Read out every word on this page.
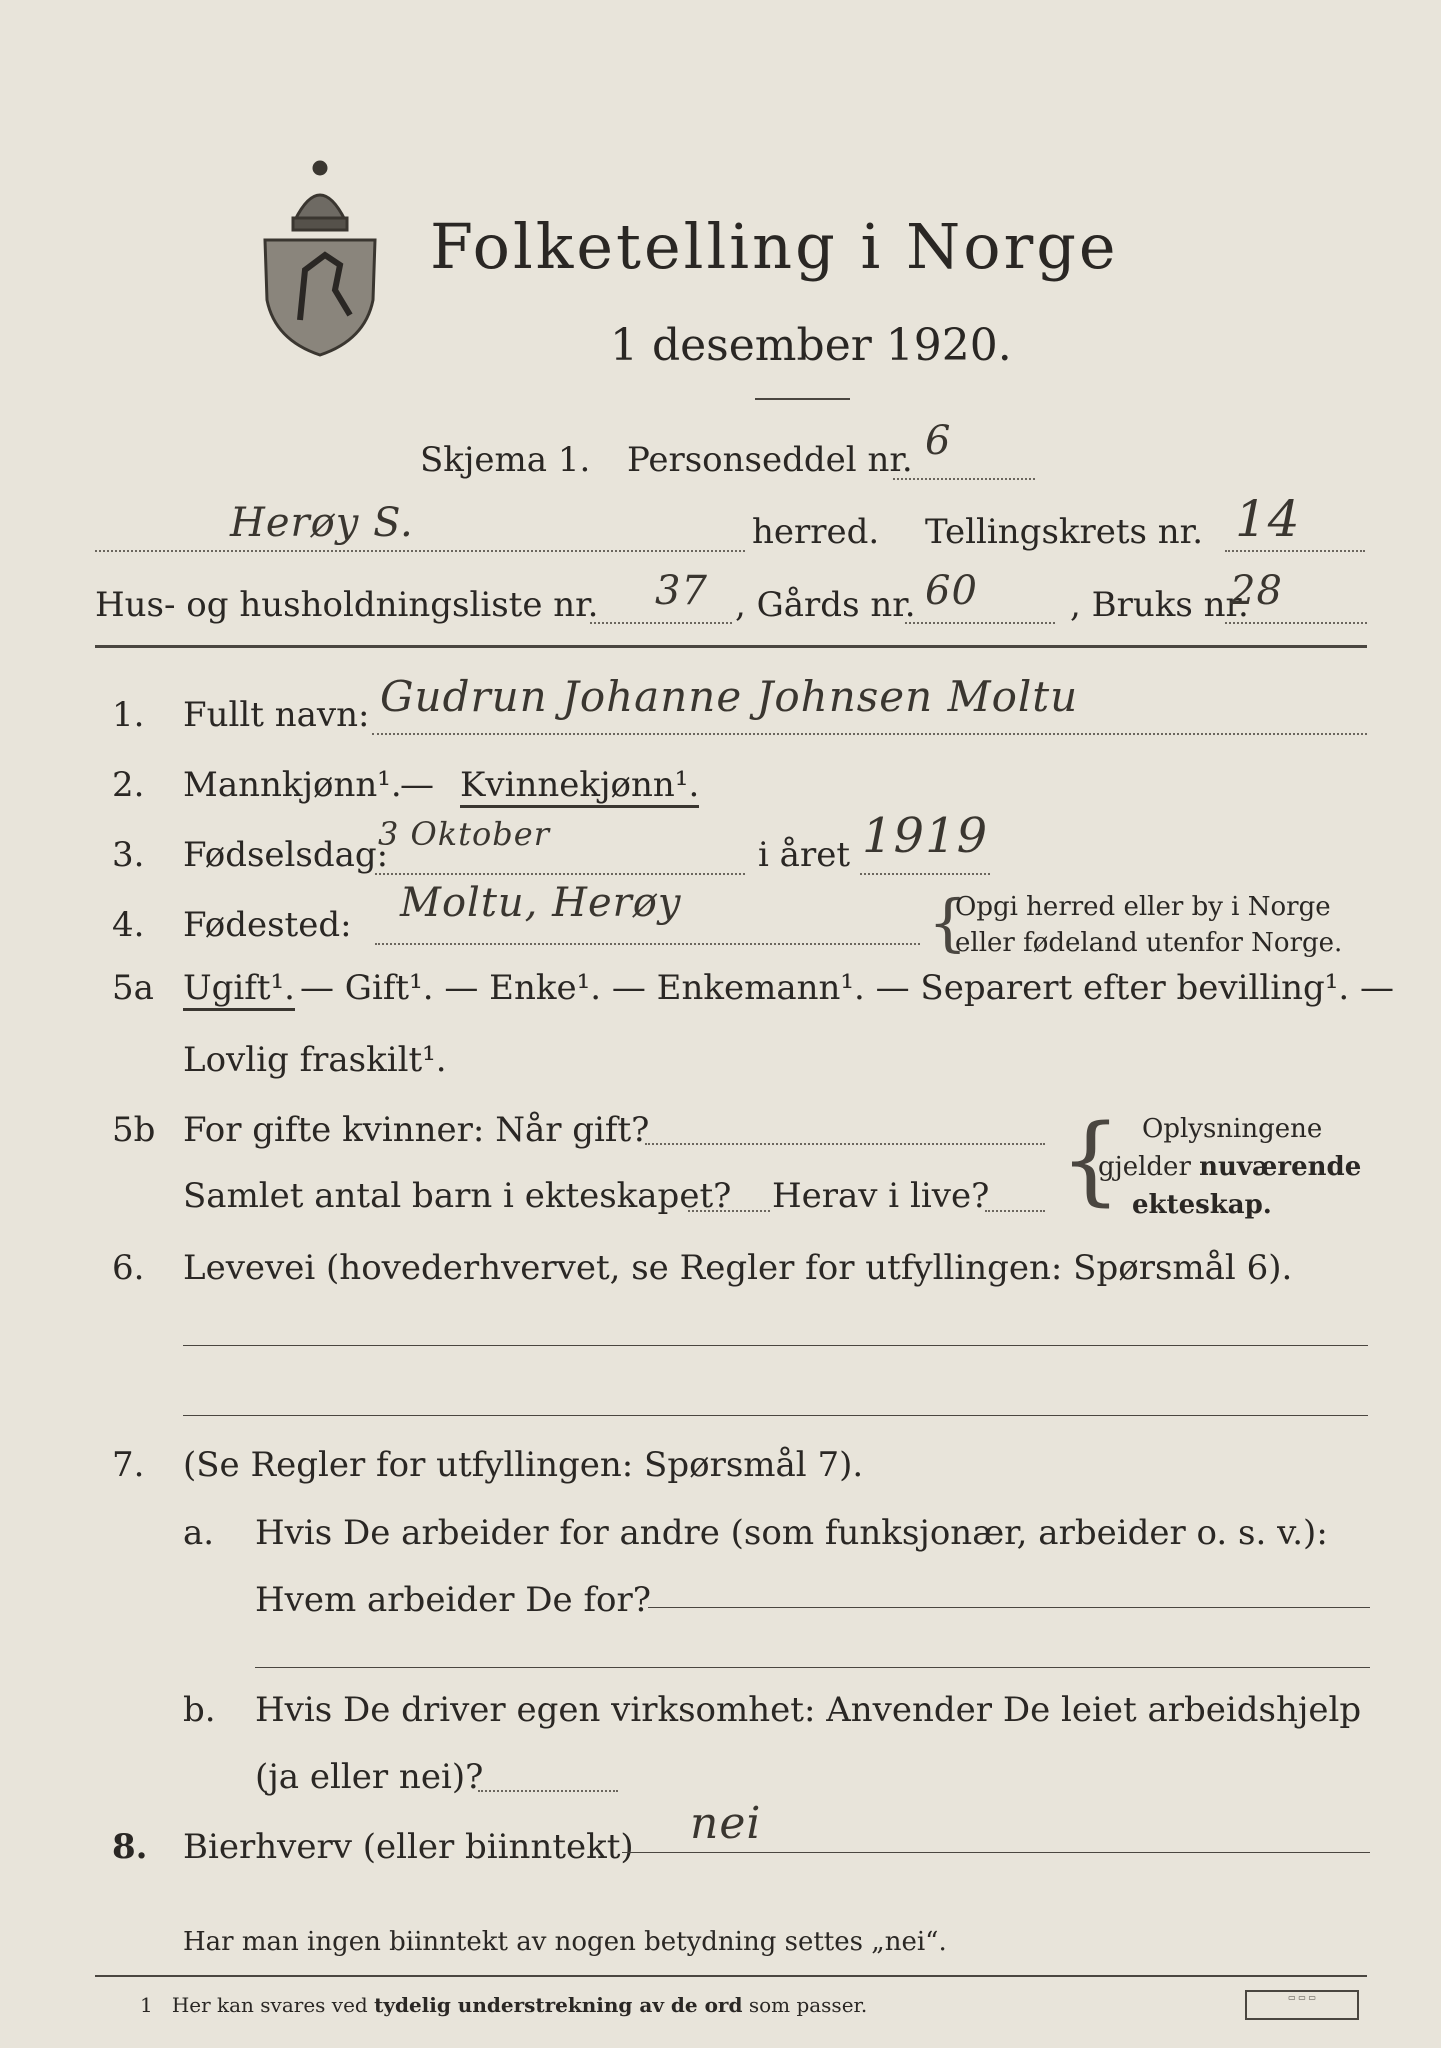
Folketelling i Norge
1 desember 1920.
Skjema 1. Personseddel nr. 6
Herøy S.	herred. Tellingskrets nr. 14
Hus- og husholdningsliste nr. 37 , Gårds nr. 60	, Bruks nr.
28
1. Fullt navn: Gudrun Johanne Johnsen Moltu
2. Mannkjønn¹.
— Kvinnekjønn¹.
3. Fødselsdag:
3 Oktober
i året 1919
4. Fødested: Moltu, Herøy	{
Opgi herred eller by i Norge
eller fødeland utenfor Norge.
5a Ugift¹. — Gift¹. — Enke¹. — Enkemann¹. — Separert efter bevilling¹. —
Lovlig fraskilt¹.
5b For gifte kvinner: Når gift?
Samlet antal barn i ekteskapet? Herav i live? { Oplysningene
gjelder nuværende
ekteskap.
6. Levevei (hovederhvervet, se Regler for utfyllingen: Spørsmål 6).
7. (Se Regler for utfyllingen: Spørsmål 7).
a. Hvis De arbeider for andre (som funksjonær, arbeider o. s. v.):
Hvem arbeider De for?
b. Hvis De driver egen virksomhet: Anvender De leiet arbeidshjelp
(ja eller nei)?
8. Bierhverv (eller biinntekt) nei
Har man ingen biinntekt av nogen betydning settes „nei“.
1 Her kan svares ved tydelig understrekning av de ord som passer.	▭ ▭ ▭
